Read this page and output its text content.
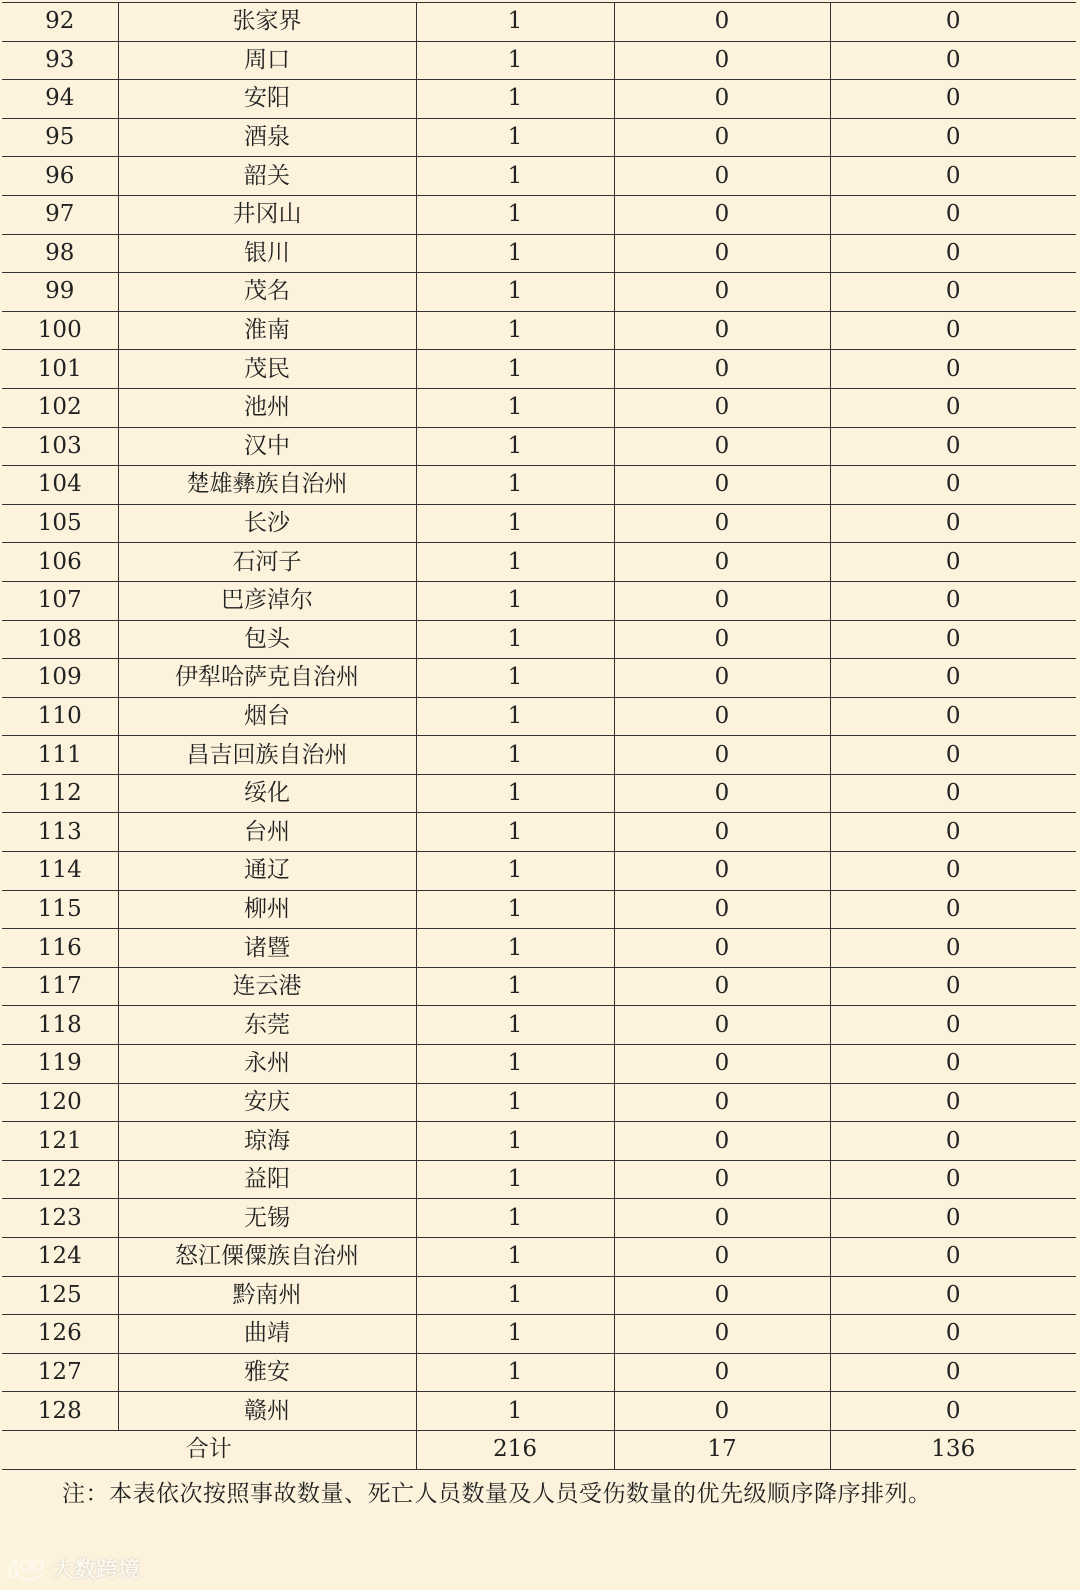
92	张家界	1	0	0
93	周口	1	0	0
94	安阳	1	0	0
95	酒泉	1	0	0
96	韶关	1	0	0
97	井冈山	1	0	0
98	银川	1	0	0
99	茂名	1	0	0
100	淮南	1	0	0
101	茂民	1	0	0
102	池州	1	0	0
103	汉中	1	0	0
104	楚雄彝族自治州	1	0	0
105	长沙	1	0	0
106	石河子	1	0	0
107	巴彦淖尔	1	0	0
108	包头	1	0	0
109	伊犁哈萨克自治州	1	0	0
110	烟台	1	0	0
111	昌吉回族自治州	1	0	0
112	绥化	1	0	0
113	台州	1	0	0
114	通辽	1	0	0
115	柳州	1	0	0
116	诸暨	1	0	0
117	连云港	1	0	0
118	东莞	1	0	0
119	永州	1	0	0
120	安庆	1	0	0
121	琼海	1	0	0
122	益阳	1	0	0
123	无锡	1	0	0
124	怒江傈僳族自治州	1	0	0
125	黔南州	1	0	0
126	曲靖	1	0	0
127	雅安	1	0	0
128	赣州	1	0	0
合计		216	17	136
注：本表依次按照事故数量、死亡人员数量及人员受伤数量的优先级顺序降序排列。
大数跨境
